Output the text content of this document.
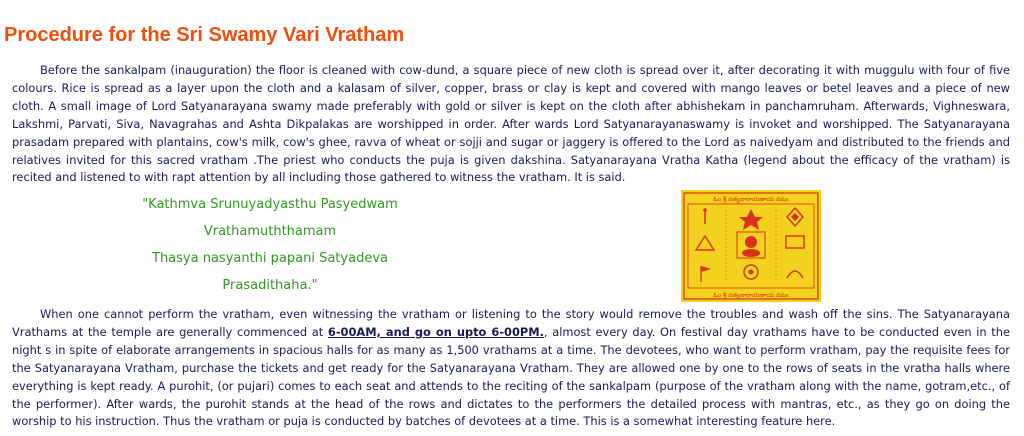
Procedure for the Sri Swamy Vari Vratham

Before the sankalpam (inauguration) the floor is cleaned with cow-dund, a square piece of new cloth is spread over it, after decorating it with muggulu with four of five colours. Rice is spread as a layer upon the cloth and a kalasam of silver, copper, brass or clay is kept and covered with mango leaves or betel leaves and a piece of new cloth. A small image of Lord Satyanarayana swamy made preferably with gold or silver is kept on the cloth after abhishekam in panchamruham. Afterwards, Vighneswara, Lakshmi, Parvati, Siva, Navagrahas and Ashta Dikpalakas are worshipped in order. After wards Lord Satyanarayanaswamy is invoket and worshipped. The Satyanarayana prasadam prepared with plantains, cow's milk, cow's ghee, ravva of wheat or sojji and sugar or jaggery is offered to the Lord as naivedyam and distributed to the friends and relatives invited for this sacred vratham .The priest who conducts the puja is given dakshina. Satyanarayana Vratha Katha (legend about the efficacy of the vratham) is recited and listened to with rapt attention by all including those gathered to witness the vratham. It is said.

"Kathmva Srunuyadyasthu Pasyedwam
Vrathamuththamam
Thasya nasyanthi papani Satyadeva
Prasadithaha."
ఓం శ్రీ సత్యనారాయణాయ నమః
ఓం శ్రీ సత్యనారాయణాయ నమః

When one cannot perform the vratham, even witnessing the vratham or listening to the story would remove the troubles and wash off the sins. The Satyanarayana Vrathams at the temple are generally commenced at 6-00AM, and go on upto 6-00PM., almost every day. On festival day vrathams have to be conducted even in the night s in spite of elaborate arrangements in spacious halls for as many as 1,500 vrathams at a time. The devotees, who want to perform vratham, pay the requisite fees for the Satyanarayana Vratham, purchase the tickets and get ready for the Satyanarayana Vratham. They are allowed one by one to the rows of seats in the vratha halls where everything is kept ready. A purohit, (or pujari) comes to each seat and attends to the reciting of the sankalpam (purpose of the vratham along with the name, gotram,etc., of the performer). After wards, the purohit stands at the head of the rows and dictates to the performers the detailed process with mantras, etc., as they go on doing the worship to his instruction. Thus the vratham or puja is conducted by batches of devotees at a time. This is a somewhat interesting feature here.
